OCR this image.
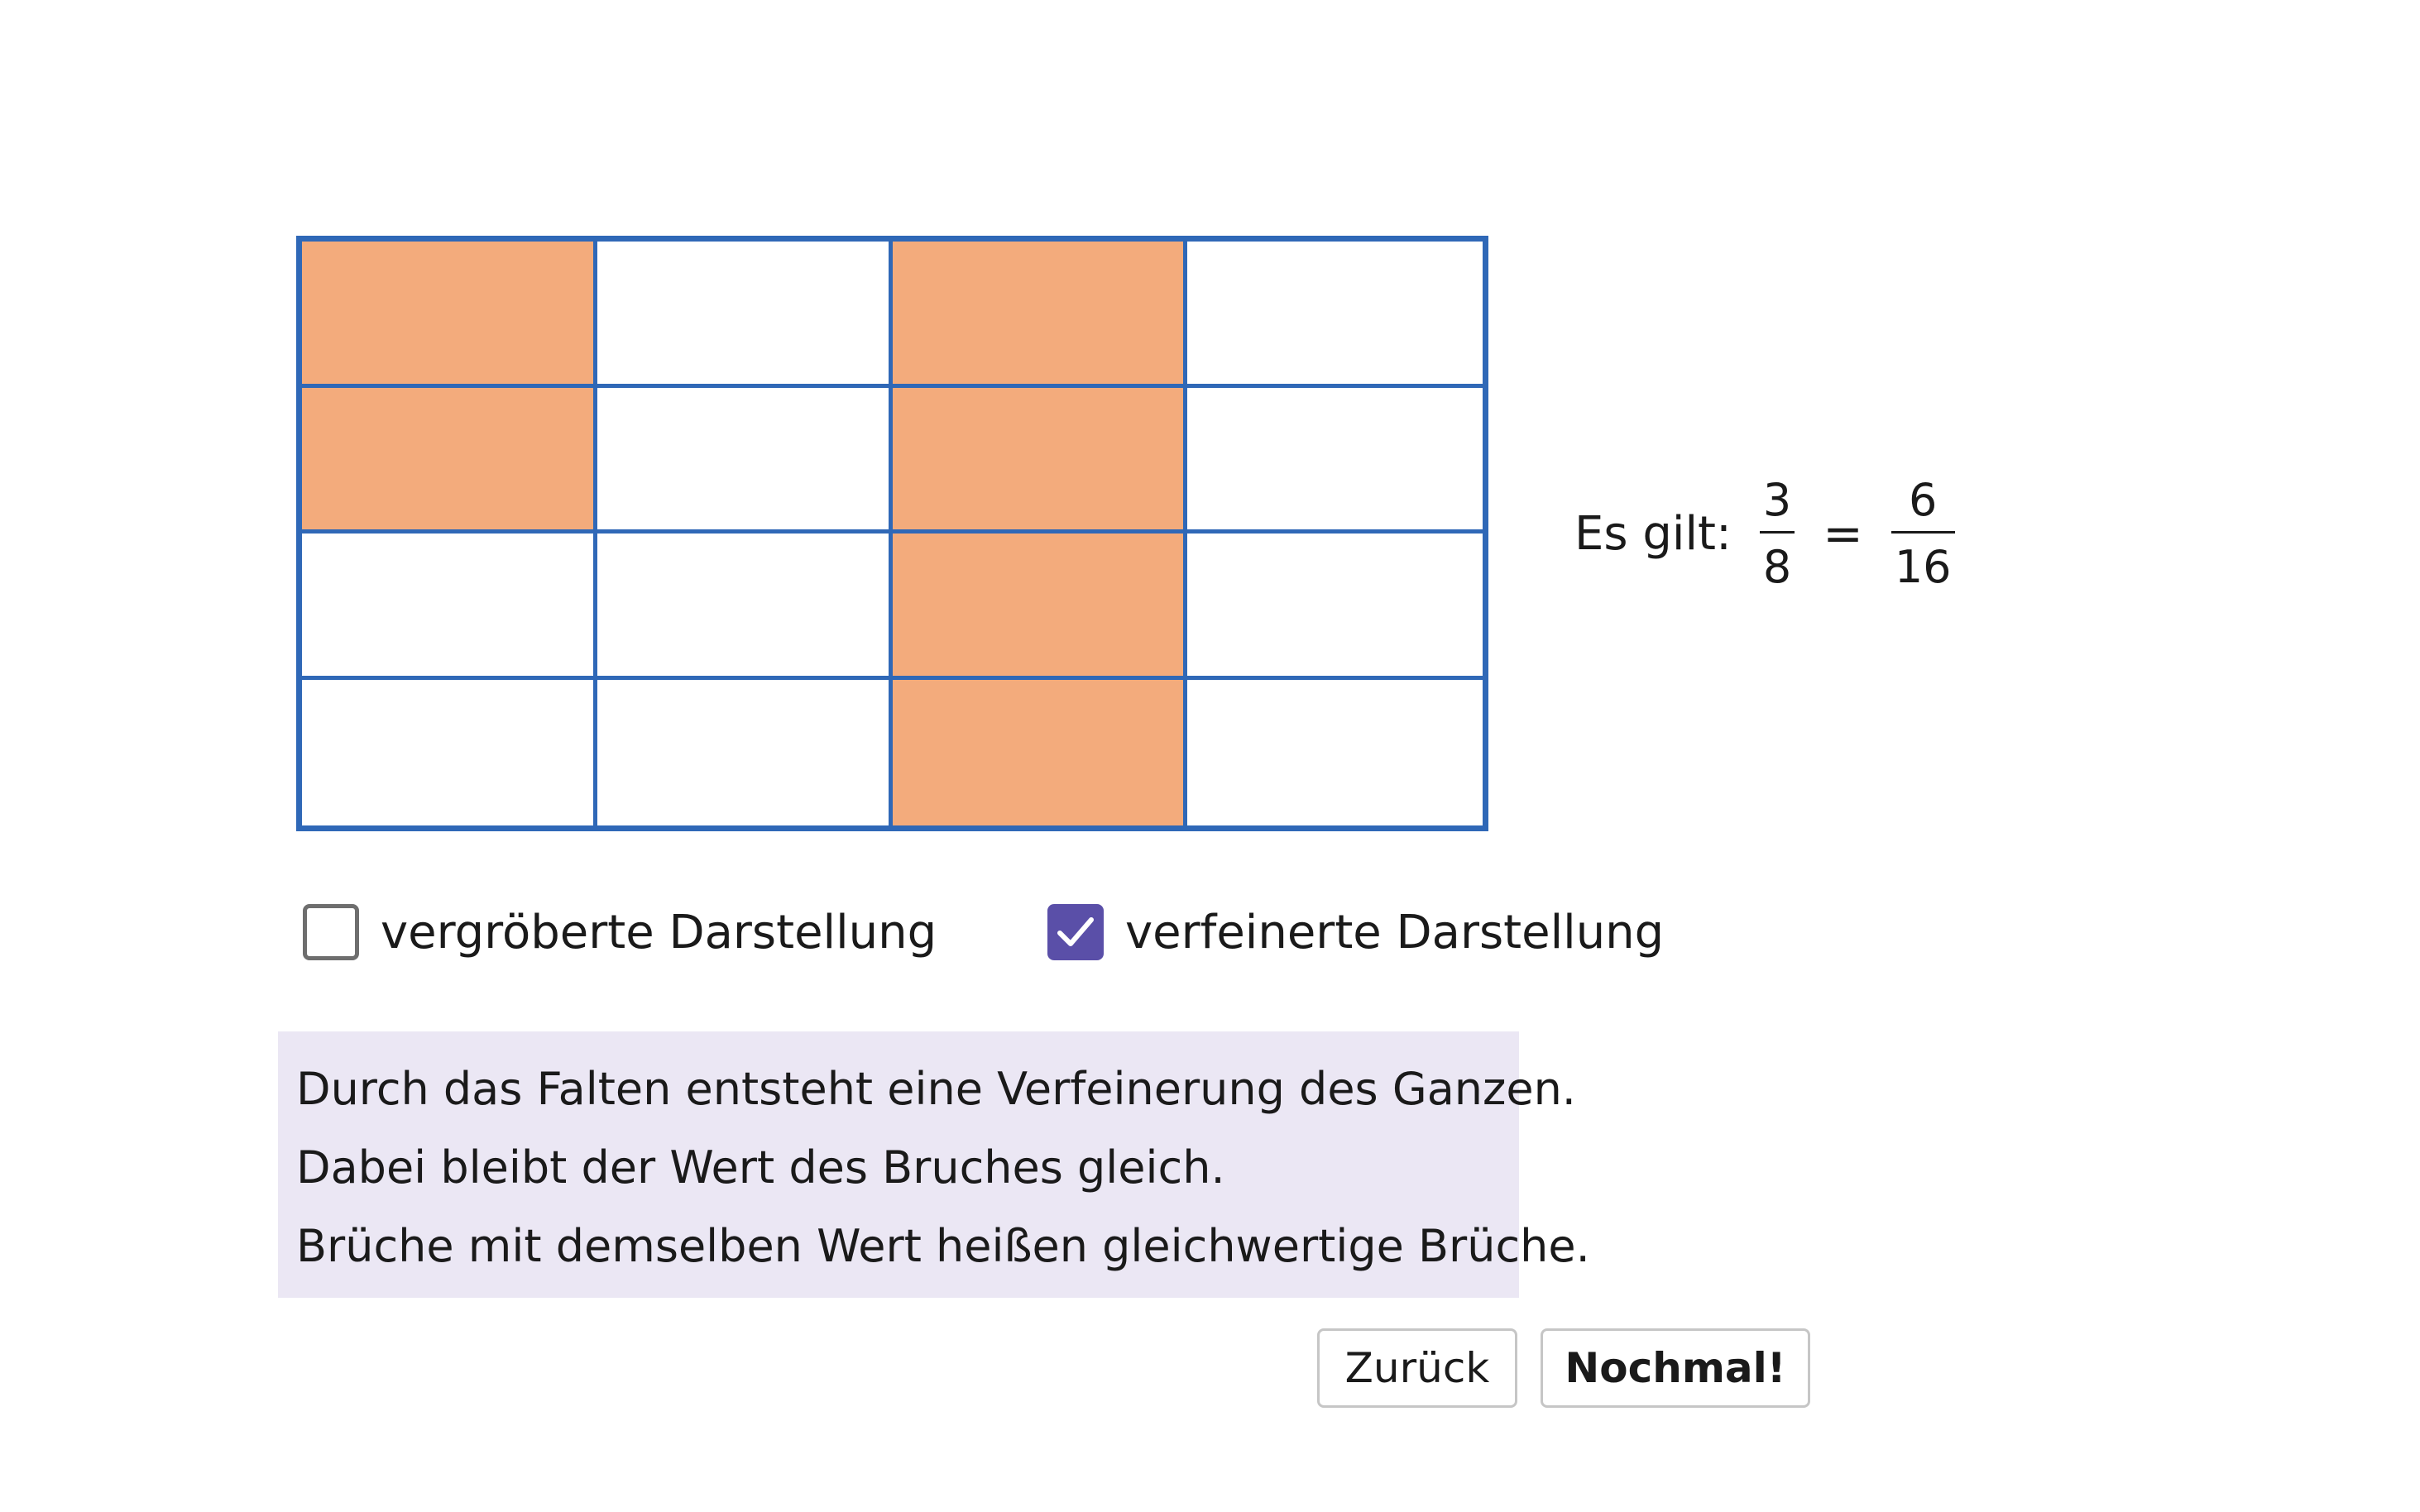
Es gilt: $\frac{3}{8} = \frac{6}{16}$
vergröberte Darstellung	verfeinerte Darstellung

Durch das Falten entsteht eine Verfeinerung des Ganzen.

Dabei bleibt der Wert des Bruches gleich.

Brüche mit demselben Wert heißen gleichwertige Brüche.

Zurück	Nochmal!
